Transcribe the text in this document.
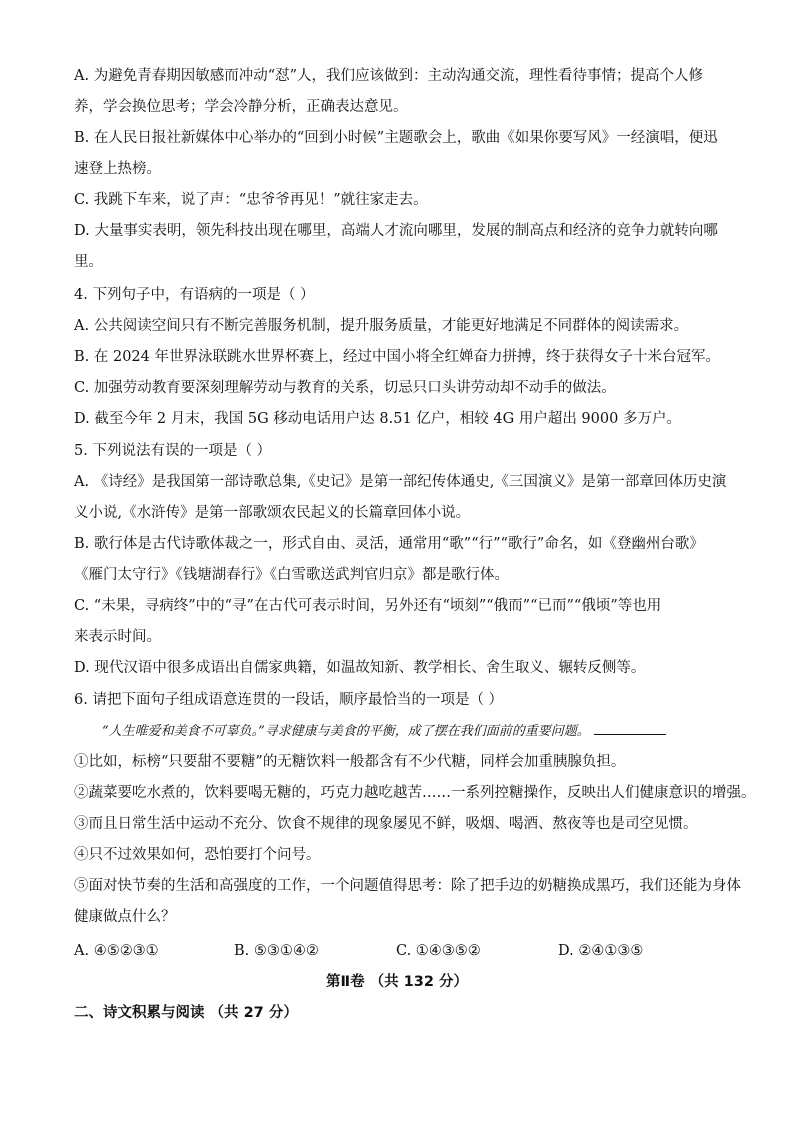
A. 为避免青春期因敏感而冲动“怼”人，我们应该做到：主动沟通交流，理性看待事情；提高个人修
养，学会换位思考；学会冷静分析，正确表达意见。
B. 在人民日报社新媒体中心举办的“回到小时候”主题歌会上，歌曲《如果你要写风》一经演唱，便迅
速登上热榜。
C. 我跳下车来，说了声：“忠爷爷再见！”就往家走去。
D. 大量事实表明，领先科技出现在哪里，高端人才流向哪里，发展的制高点和经济的竞争力就转向哪
里。
4. 下列句子中，有语病的一项是（ ）
A. 公共阅读空间只有不断完善服务机制，提升服务质量，才能更好地满足不同群体的阅读需求。
B. 在 2024 年世界泳联跳水世界杯赛上，经过中国小将全红婵奋力拼搏，终于获得女子十米台冠军。
C. 加强劳动教育要深刻理解劳动与教育的关系，切忌只口头讲劳动却不动手的做法。
D. 截至今年 2 月末，我国 5G 移动电话用户达 8.51 亿户，相较 4G 用户超出 9000 多万户。
5. 下列说法有误的一项是（ ）
A. 《诗经》是我国第一部诗歌总集,《史记》是第一部纪传体通史,《三国演义》是第一部章回体历史演
义小说,《水浒传》是第一部歌颂农民起义的长篇章回体小说。
B. 歌行体是古代诗歌体裁之一，形式自由、灵活，通常用“歌”“行”“歌行”命名，如《登幽州台歌》
《雁门太守行》《钱塘湖春行》《白雪歌送武判官归京》都是歌行体。
C. “未果，寻病终”中的“寻”在古代可表示时间，另外还有“顷刻”“俄而”“已而”“俄顷”等也用
来表示时间。
D. 现代汉语中很多成语出自儒家典籍，如温故知新、教学相长、舍生取义、辗转反侧等。
6. 请把下面句子组成语意连贯的一段话，顺序最恰当的一项是（ ）
“人生唯爱和美食不可辜负。”寻求健康与美食的平衡，成了摆在我们面前的重要问题。
①比如，标榜“只要甜不要糖”的无糖饮料一般都含有不少代糖，同样会加重胰腺负担。
②蔬菜要吃水煮的，饮料要喝无糖的，巧克力越吃越苦……一系列控糖操作，反映出人们健康意识的增强。
③而且日常生活中运动不充分、饮食不规律的现象屡见不鲜，吸烟、喝酒、熬夜等也是司空见惯。
④只不过效果如何，恐怕要打个问号。
⑤面对快节奏的生活和高强度的工作，一个问题值得思考：除了把手边的奶糖换成黑巧，我们还能为身体
健康做点什么？
A. ④⑤②③①	B. ⑤③①④②	C. ①④③⑤②	D. ②④①③⑤
第Ⅱ卷 （共 132 分）
二、诗文积累与阅读 （共 27 分）
